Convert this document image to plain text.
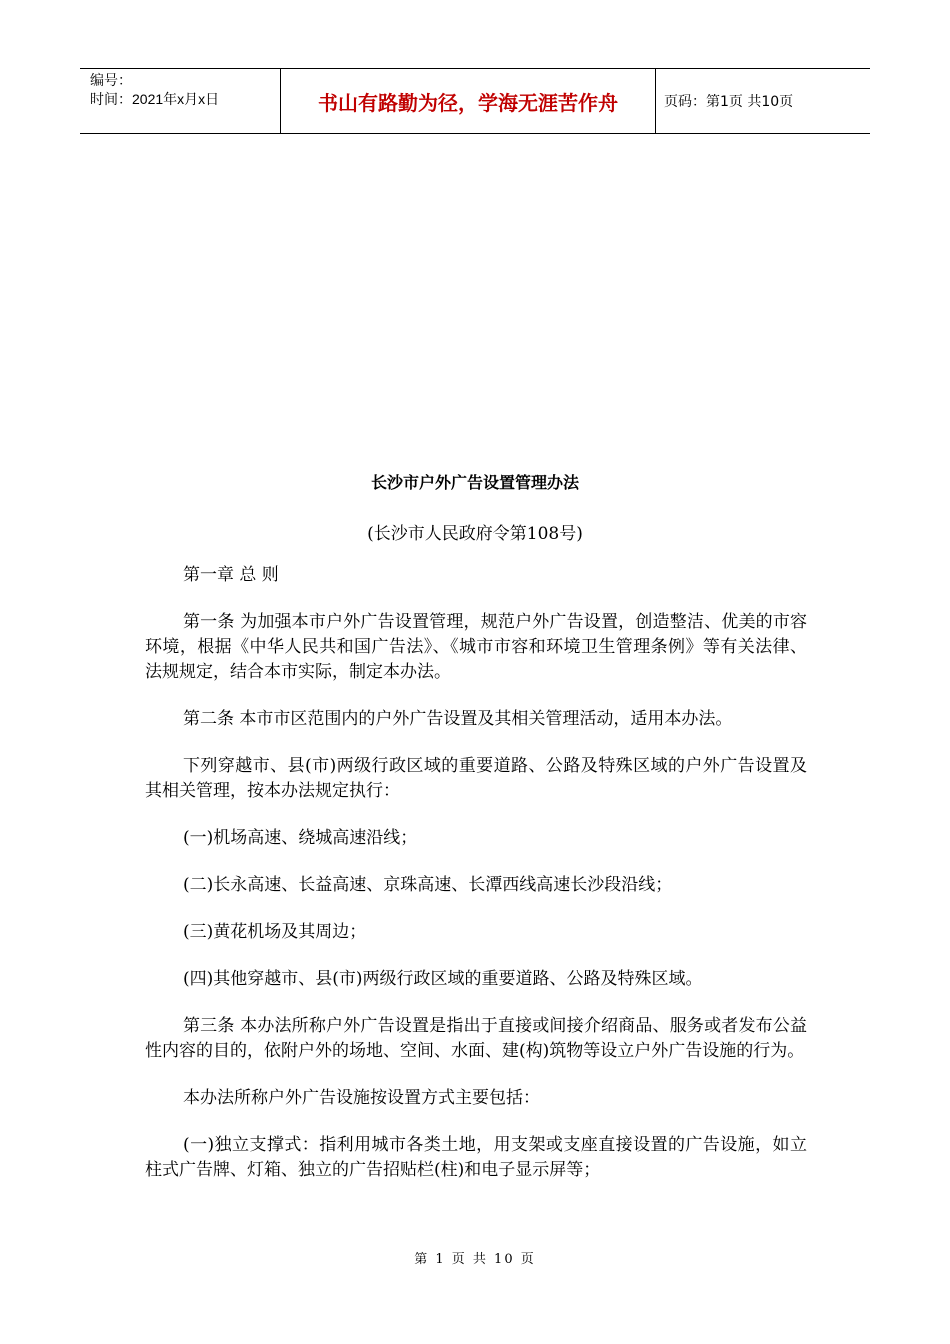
编号：
时间：2021年x月x日	书山有路勤为径，学海无涯苦作舟	页码：第1页 共10页
长沙市户外广告设置管理办法

(长沙市人民政府令第108号)

第一章 总 则

第一条 为加强本市户外广告设置管理，规范户外广告设置，创造整洁、优美的市容环境，根据《中华人民共和国广告法》、《城市市容和环境卫生管理条例》等有关法律、法规规定，结合本市实际，制定本办法。

第二条 本市市区范围内的户外广告设置及其相关管理活动，适用本办法。

下列穿越市、县(市)两级行政区域的重要道路、公路及特殊区域的户外广告设置及其相关管理，按本办法规定执行：

(一)机场高速、绕城高速沿线；

(二)长永高速、长益高速、京珠高速、长潭西线高速长沙段沿线；

(三)黄花机场及其周边；

(四)其他穿越市、县(市)两级行政区域的重要道路、公路及特殊区域。

第三条 本办法所称户外广告设置是指出于直接或间接介绍商品、服务或者发布公益性内容的目的，依附户外的场地、空间、水面、建(构)筑物等设立户外广告设施的行为。

本办法所称户外广告设施按设置方式主要包括：

(一)独立支撑式：指利用城市各类土地，用支架或支座直接设置的广告设施，如立柱式广告牌、灯箱、独立的广告招贴栏(柱)和电子显示屏等；

第 1 页 共 10 页
